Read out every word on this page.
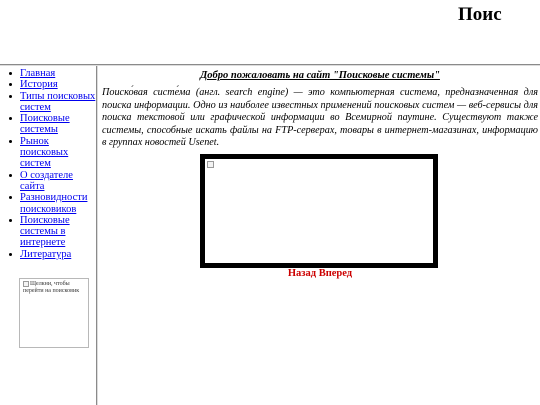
Поис
Главная
История
Типы поисковых систем
Поисковые системы
Рынок поисковых систем
О создателе сайта
Разновидности поисковиков
Поисковые системы в интернете
Литература
Щелкни, чтобы перейти на поисковик

Добро пожаловать на сайт "Поисковые системы"

Поиско́вая систе́ма (англ. search engine) — это компьютерная система, предназначенная для поиска информации. Одно из наиболее известных применений поисковых систем — веб-сервисы для поиска текстовой или графической информации во Всемирной паутине. Существуют также системы, способные искать файлы на FTP-серверах, товары в интернет-магазинах, информацию в группах новостей Usenet.

Назад Вперед
